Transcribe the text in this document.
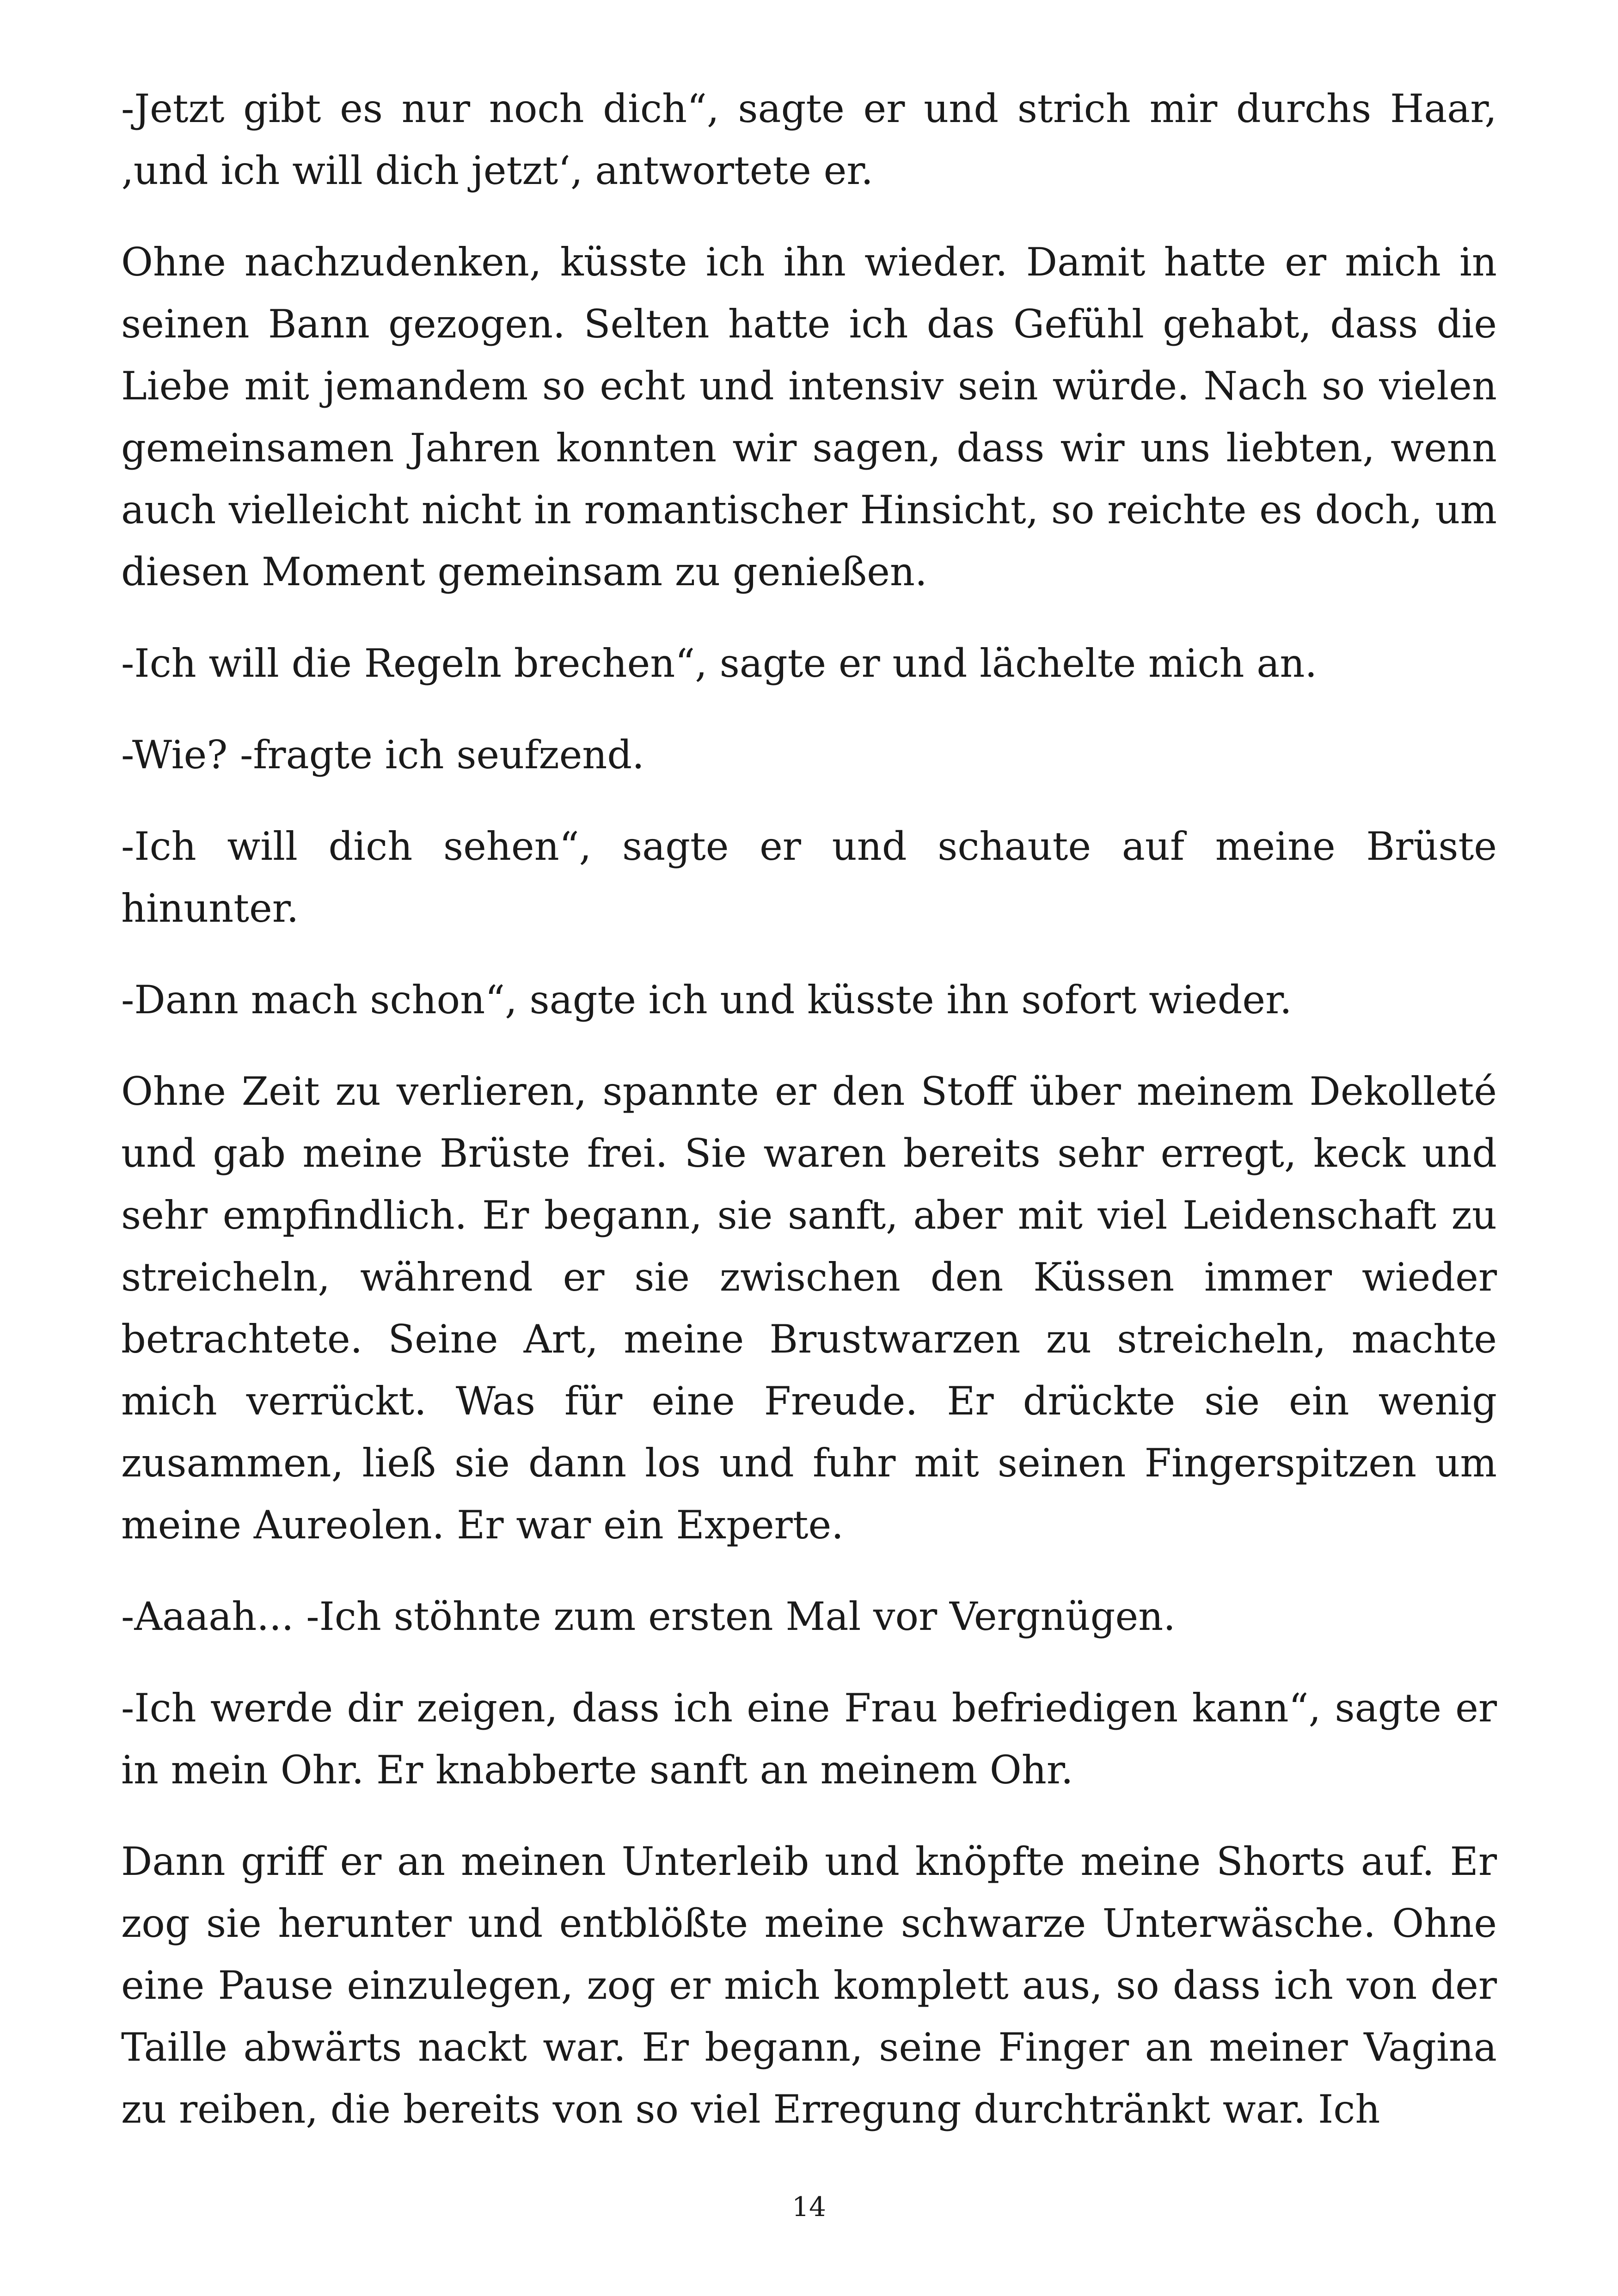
-Jetzt gibt es nur noch dich“, sagte er und strich mir durchs Haar, ‚und ich will dich jetzt‘, antwortete er.

Ohne nachzudenken, küsste ich ihn wieder. Damit hatte er mich in seinen Bann gezogen. Selten hatte ich das Gefühl gehabt, dass die Liebe mit jemandem so echt und intensiv sein würde. Nach so vielen gemeinsamen Jahren konnten wir sagen, dass wir uns liebten, wenn auch vielleicht nicht in romantischer Hinsicht, so reichte es doch, um diesen Moment gemeinsam zu genießen.

-Ich will die Regeln brechen“, sagte er und lächelte mich an.

-Wie? -fragte ich seufzend.

-Ich will dich sehen“, sagte er und schaute auf meine Brüste hinunter.

-Dann mach schon“, sagte ich und küsste ihn sofort wieder.

Ohne Zeit zu verlieren, spannte er den Stoff über meinem Dekolleté und gab meine Brüste frei. Sie waren bereits sehr erregt, keck und sehr empfindlich. Er begann, sie sanft, aber mit viel Leidenschaft zu streicheln, während er sie zwischen den Küssen immer wieder betrachtete. Seine Art, meine Brustwarzen zu streicheln, machte mich verrückt. Was für eine Freude. Er drückte sie ein wenig zusammen, ließ sie dann los und fuhr mit seinen Fingerspitzen um meine Aureolen. Er war ein Experte.

-Aaaah... -Ich stöhnte zum ersten Mal vor Vergnügen.

-Ich werde dir zeigen, dass ich eine Frau befriedigen kann“, sagte er in mein Ohr. Er knabberte sanft an meinem Ohr.

Dann griff er an meinen Unterleib und knöpfte meine Shorts auf. Er zog sie herunter und entblößte meine schwarze Unterwäsche. Ohne eine Pause einzulegen, zog er mich komplett aus, so dass ich von der Taille abwärts nackt war. Er begann, seine Finger an meiner Vagina zu reiben, die bereits von so viel Erregung durchtränkt war. Ich

14
